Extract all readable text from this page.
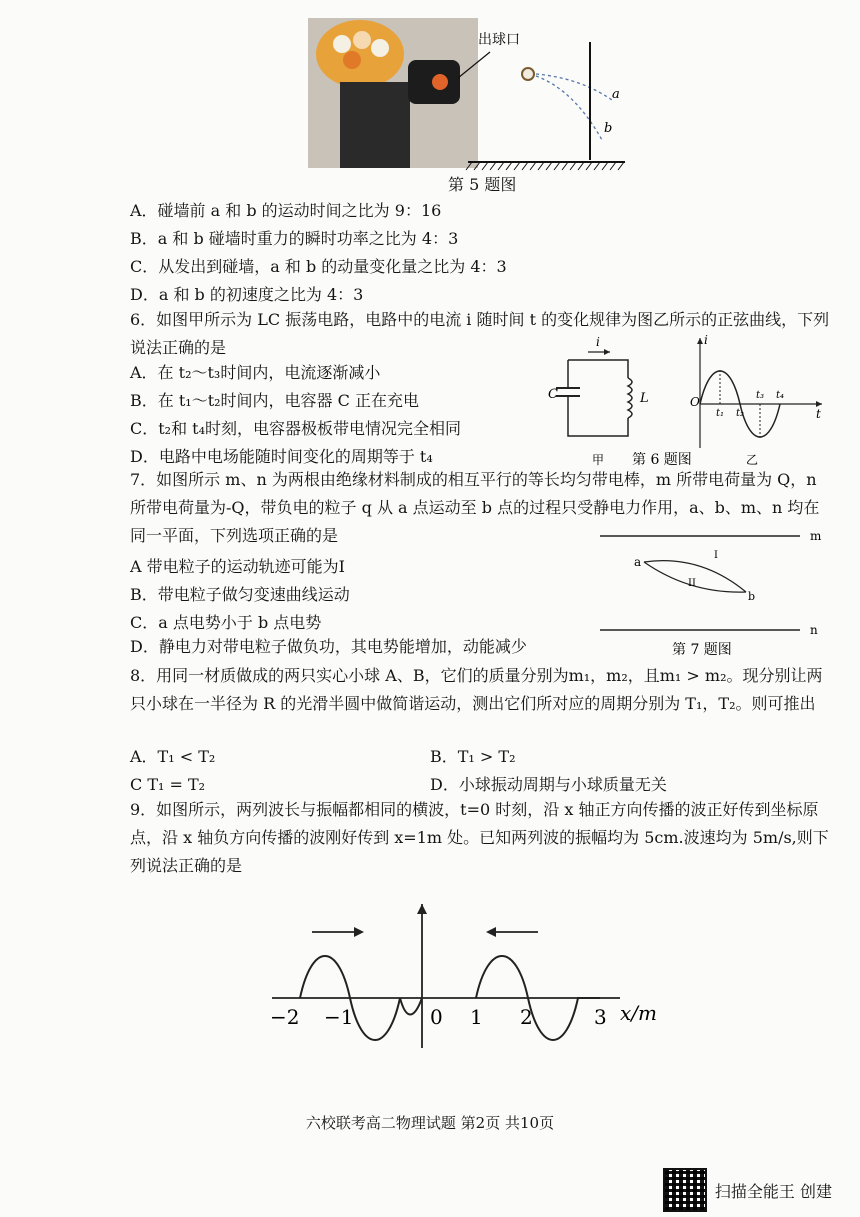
出球口
a
b
第 5 题图
A．碰墙前 a 和 b 的运动时间之比为 9：16
B．a 和 b 碰墙时重力的瞬时功率之比为 4：3
C．从发出到碰墙，a 和 b 的动量变化量之比为 4：3
D．a 和 b 的初速度之比为 4：3
6．如图甲所示为 LC 振荡电路，电路中的电流 i 随时间 t 的变化规律为图乙所示的正弦曲线，下列说法正确的是
A．在 t₂～t₃时间内，电流逐渐减小
B．在 t₁～t₂时间内，电容器 C 正在充电
C．t₂和 t₄时刻，电容器极板带电情况完全相同
D．电路中电场能随时间变化的周期等于 t₄
C	L
i
O
i
t
t₁ t₂
t₃ t₄
甲 第 6 题图	乙
7．如图所示 m、n 为两根由绝缘材料制成的相互平行的等长均匀带电棒，m 所带电荷量为 Q，n 所带电荷量为-Q，带负电的粒子 q 从 a 点运动至 b 点的过程只受静电力作用，a、b、m、n 均在同一平面，下列选项正确的是
A 带电粒子的运动轨迹可能为I
B．带电粒子做匀变速曲线运动
C．a 点电势小于 b 点电势
D．静电力对带电粒子做负功，其电势能增加，动能减少
m
n
a
b
I
II
第 7 题图
8．用同一材质做成的两只实心小球 A、B，它们的质量分别为m₁，m₂，且m₁ > m₂。现分别让两只小球在一半径为 R 的光滑半圆中做简谐运动，测出它们所对应的周期分别为 T₁，T₂。则可推出
A．T₁ < T₂	B．T₁ > T₂
C T₁ = T₂	D．小球振动周期与小球质量无关
9．如图所示，两列波长与振幅都相同的横波，t=0 时刻，沿 x 轴正方向传播的波正好传到坐标原点，沿 x 轴负方向传播的波刚好传到 x=1m 处。已知两列波的振幅均为 5cm.波速均为 5m/s,则下列说法正确的是
−2 −1	0 1 2	3 x/m
六校联考高二物理试题 第2页 共10页
扫描全能王 创建
